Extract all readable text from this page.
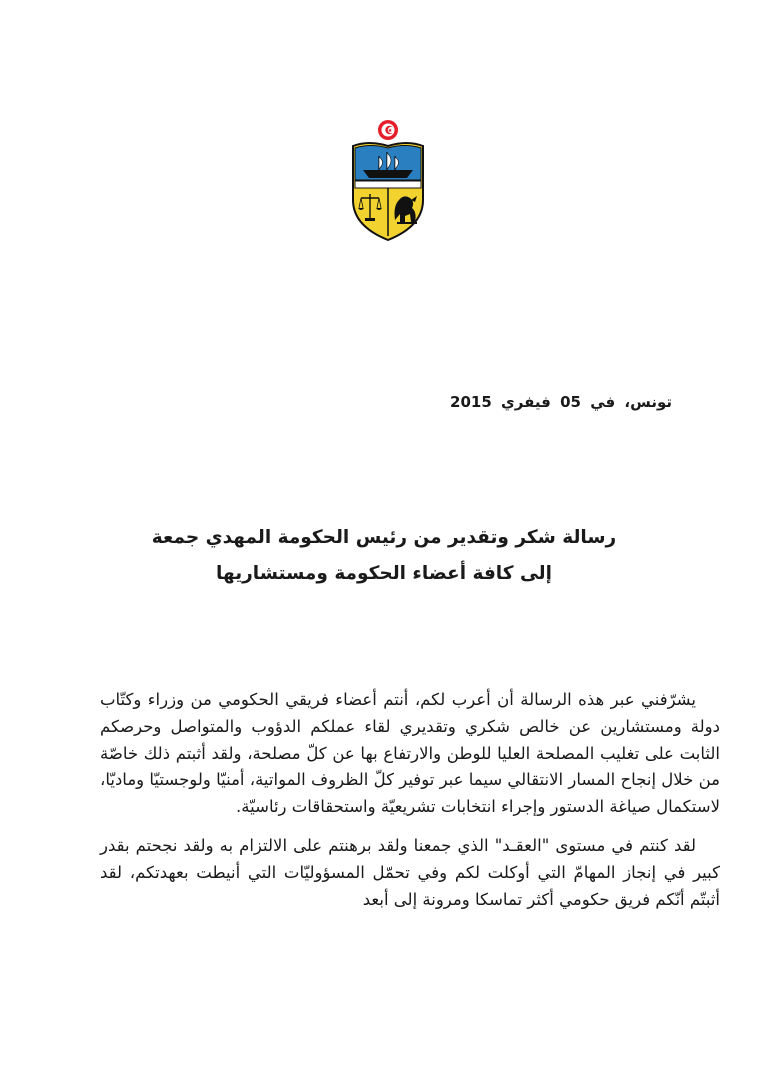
تونس، في 05 فيفري 2015
رسالة شكر وتقدير من رئيس الحكومة المهدي جمعة
إلى كافة أعضاء الحكومة ومستشاريها

يشرّفني عبر هذه الرسالة أن أعرب لكم، أنتم أعضاء فريقي الحكومي من وزراء وكتّاب دولة ومستشارين عن خالص شكري وتقديري لقاء عملكم الدؤوب والمتواصل وحرصكم الثابت على تغليب المصلحة العليا للوطن والارتفاع بها عن كلّ مصلحة، ولقد أثبتم ذلك خاصّة من خلال إنجاح المسار الانتقالي سيما عبر توفير كلّ الظروف المواتية، أمنيّا ولوجستيّا وماديّا، لاستكمال صياغة الدستور وإجراء انتخابات تشريعيّة واستحقاقات رئاسيّة.

لقد كنتم في مستوى "العقـد" الذي جمعنا ولقد برهنتم على الالتزام به ولقد نجحتم بقدر كبير في إنجاز المهامّ التي أوكلت لكم وفي تحمّل المسؤوليّات التي أنيطت بعهدتكم، لقد أثبتّم أنّكم فريق حكومي أكثر تماسكا ومرونة إلى أبعد
